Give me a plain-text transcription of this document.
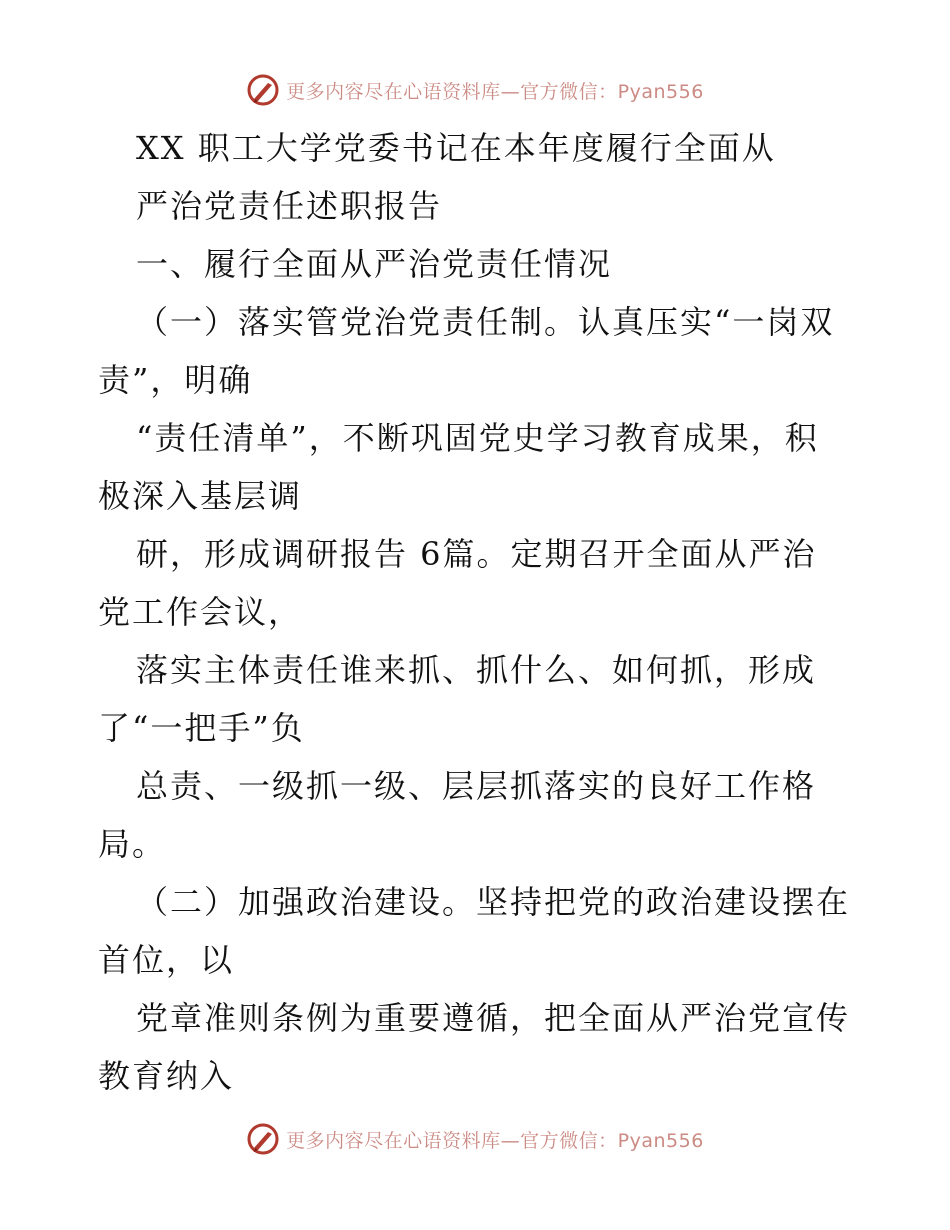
更多内容尽在心语资料库—官方微信：Pyan556
XX 职工大学党委书记在本年度履行全面从
严治党责任述职报告
一、履行全面从严治党责任情况
（一）落实管党治党责任制。认真压实“一岗双
责”，明确
“责任清单”，不断巩固党史学习教育成果，积
极深入基层调
研，形成调研报告 6篇。定期召开全面从严治
党工作会议，
落实主体责任谁来抓、抓什么、如何抓，形成
了“一把手”负
总责、一级抓一级、层层抓落实的良好工作格
局。
（二）加强政治建设。坚持把党的政治建设摆在
首位，以
党章准则条例为重要遵循，把全面从严治党宣传
教育纳入
更多内容尽在心语资料库—官方微信：Pyan556
